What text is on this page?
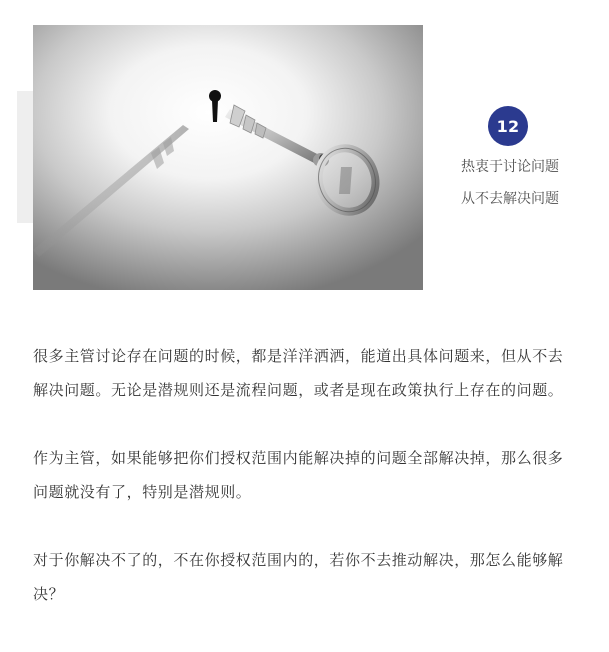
12
热衷于讨论问题
从不去解决问题

很多主管讨论存在问题的时候，都是洋洋洒洒，能道出具体问题来，但从不去解决问题。无论是潜规则还是流程问题，或者是现在政策执行上存在的问题。

作为主管，如果能够把你们授权范围内能解决掉的问题全部解决掉，那么很多问题就没有了，特别是潜规则。

对于你解决不了的，不在你授权范围内的，若你不去推动解决，那怎么能够解决？
